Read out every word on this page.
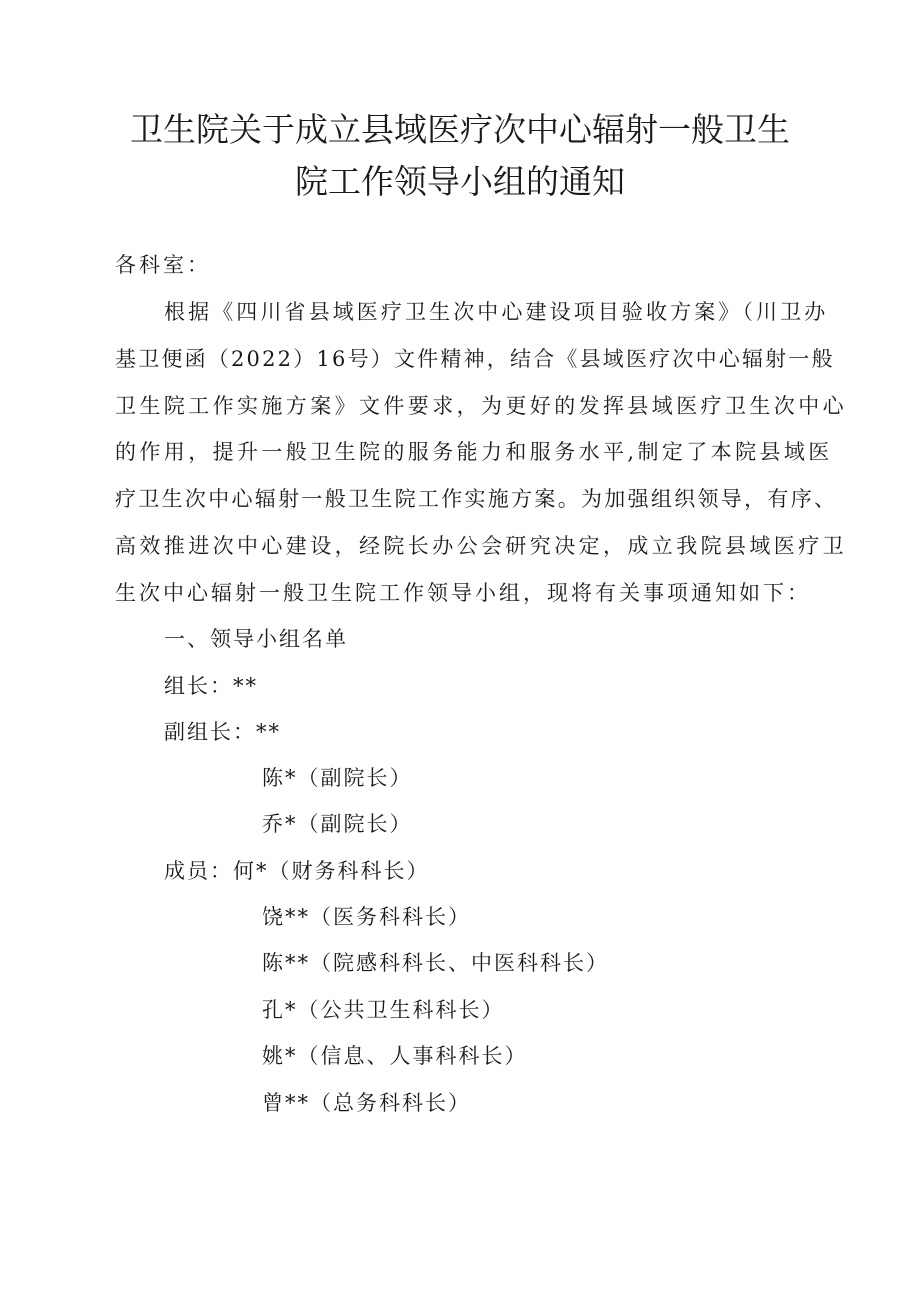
卫生院关于成立县域医疗次中心辐射一般卫生
院工作领导小组的通知

各科室：

根据《四川省县域医疗卫生次中心建设项目验收方案》（川卫办

基卫便函（2022）16号）文件精神，结合《县域医疗次中心辐射一般

卫生院工作实施方案》文件要求，为更好的发挥县域医疗卫生次中心

的作用，提升一般卫生院的服务能力和服务水平,制定了本院县域医

疗卫生次中心辐射一般卫生院工作实施方案。为加强组织领导，有序、

高效推进次中心建设，经院长办公会研究决定，成立我院县域医疗卫

生次中心辐射一般卫生院工作领导小组，现将有关事项通知如下：

一、领导小组名单

组长：**

副组长：**

陈*（副院长）

乔*（副院长）

成员：何*（财务科科长）

饶**（医务科科长）

陈**（院感科科长、中医科科长）

孔*（公共卫生科科长）

姚*（信息、人事科科长）

曾**（总务科科长）
